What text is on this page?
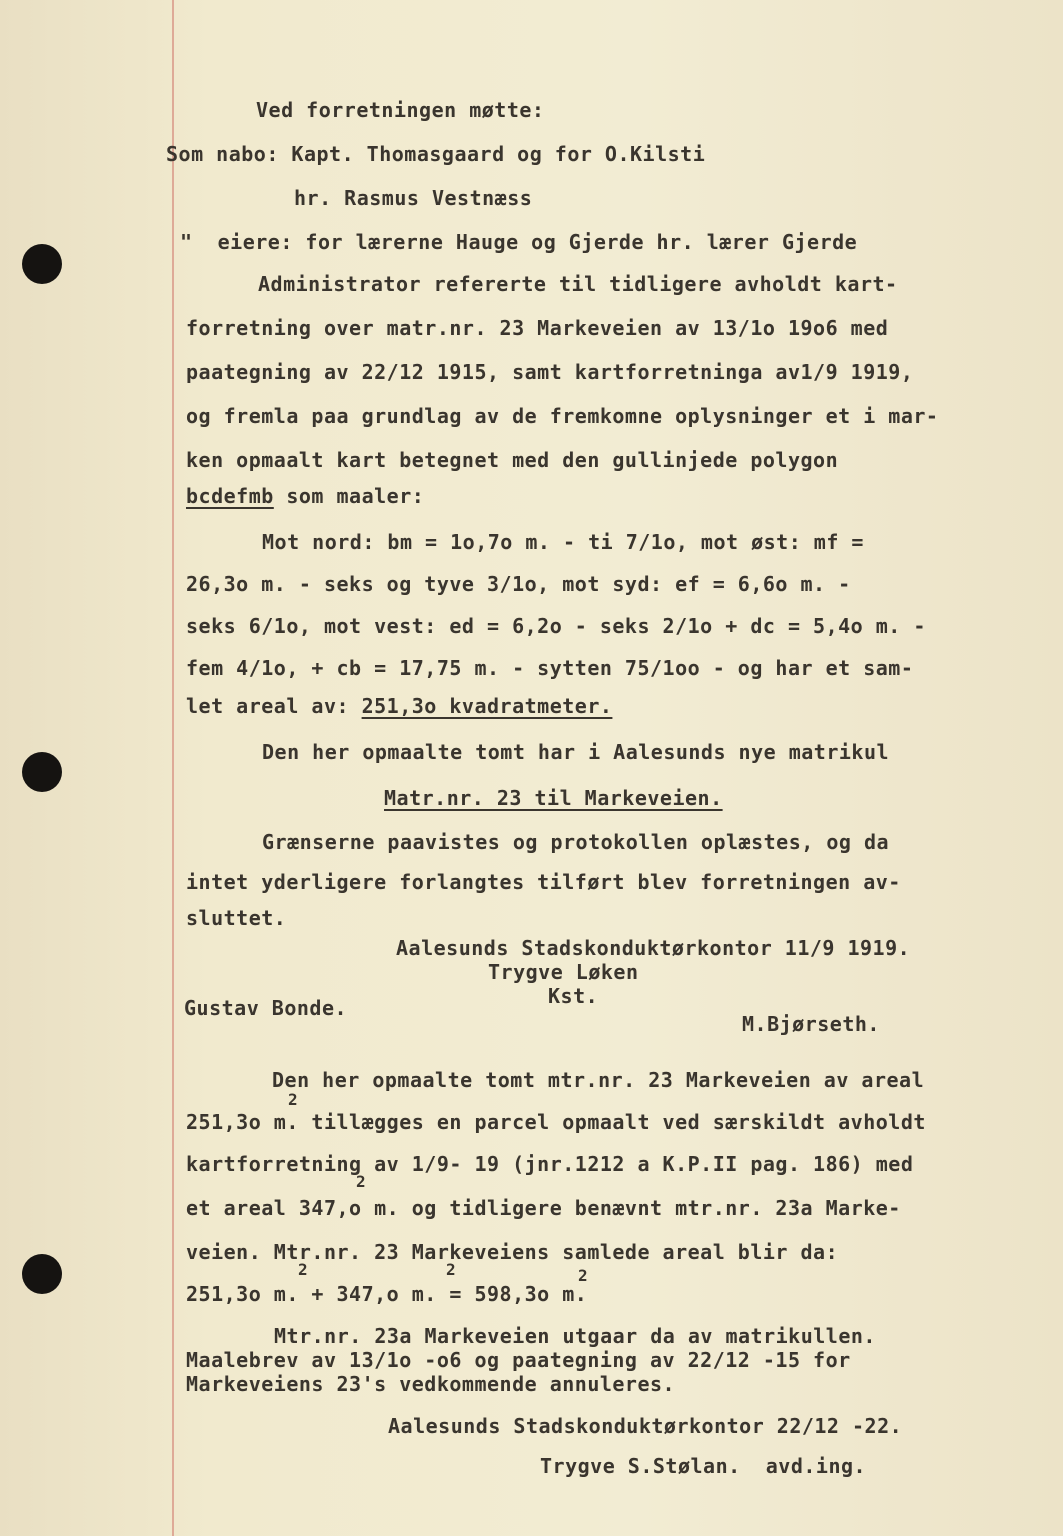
Ved forretningen møtte:
Som nabo: Kapt. Thomasgaard og for O.Kilsti
hr. Rasmus Vestnæss
"  eiere: for lærerne Hauge og Gjerde hr. lærer Gjerde
Administrator refererte til tidligere avholdt kart-
forretning over matr.nr. 23 Markeveien av 13/1o 19o6 med
paategning av 22/12 1915, samt kartforretninga av1/9 1919,
og fremla paa grundlag av de fremkomne oplysninger et i mar-
ken opmaalt kart betegnet med den gullinjede polygon
bcdefmb som maaler:
Mot nord: bm = 1o,7o m. - ti 7/1o, mot øst: mf =
26,3o m. - seks og tyve 3/1o, mot syd: ef = 6,6o m. -
seks 6/1o, mot vest: ed = 6,2o - seks 2/1o + dc = 5,4o m. -
fem 4/1o, + cb = 17,75 m. - sytten 75/1oo - og har et sam-
let areal av: 251,3o kvadratmeter.
Den her opmaalte tomt har i Aalesunds nye matrikul
Matr.nr. 23 til Markeveien.
Grænserne paavistes og protokollen oplæstes, og da
intet yderligere forlangtes tilført blev forretningen av-
sluttet.
Aalesunds Stadskonduktørkontor 11/9 1919.
Trygve Løken
Kst.
Gustav Bonde.
M.Bjørseth.
Den her opmaalte tomt mtr.nr. 23 Markeveien av areal
251,3o m. tillægges en parcel opmaalt ved særskildt avholdt
2
kartforretning av 1/9- 19 (jnr.1212 a K.P.II pag. 186) med
et areal 347,o m. og tidligere benævnt mtr.nr. 23a Marke-
2
veien. Mtr.nr. 23 Markeveiens samlede areal blir da:
251,3o m. + 347,o m. = 598,3o m.
2	2	2
Mtr.nr. 23a Markeveien utgaar da av matrikullen.
Maalebrev av 13/1o -o6 og paategning av 22/12 -15 for
Markeveiens 23's vedkommende annuleres.
Aalesunds Stadskonduktørkontor 22/12 -22.
Trygve S.Stølan.  avd.ing.
